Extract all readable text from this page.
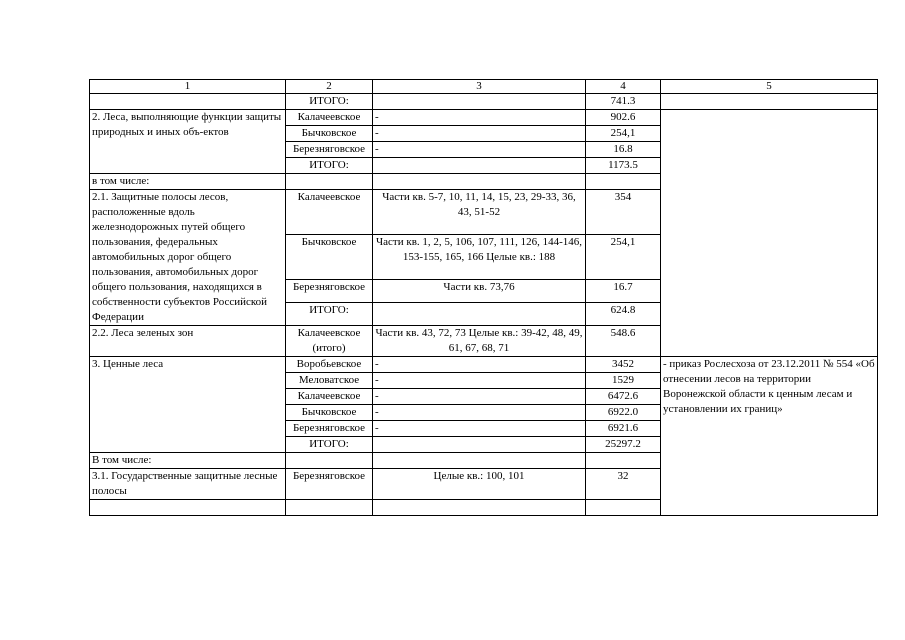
1	2	3	4	5
	ИТОГО:		741.3	
2. Леса, выполняющие функции защиты природных и иных объ-ектов	Калачеевское	-	902.6	
	Бычковское	-	254,1	
	Березняговское	-	16.8	
	ИТОГО:		1173.5	
в том числе:				
2.1. Защитные полосы лесов, расположенные вдоль железнодорожных путей общего пользования, федеральных автомобильных дорог общего пользования, автомобильных дорог общего пользования, находящихся в собственности субъектов Российской Федерации	Калачеевское	Части кв. 5-7, 10, 11, 14, 15, 23, 29-33, 36, 43, 51-52	354	
	Бычковское	Части кв. 1, 2, 5, 106, 107, 111, 126, 144-146, 153-155, 165, 166 Целые кв.: 188	254,1	
	Березняговское	Части кв. 73,76	16.7	
	ИТОГО:		624.8	
2.2. Леса зеленых зон	Калачеевское (итого)	Части кв. 43, 72, 73 Целые кв.: 39-42, 48, 49, 61, 67, 68, 71	548.6	
3. Ценные леса	Воробьевское	-	3452	- приказ Рослесхоза от 23.12.2011 № 554 «Об отнесении лесов на территории Воронежской области к ценным лесам и установлении их границ»
	Меловатское	-	1529	
	Калачеевское	-	6472.6	
	Бычковское	-	6922.0	
	Березняговское	-	6921.6	
	ИТОГО:		25297.2	
В том числе:				
3.1. Государственные защитные лесные полосы	Березняговское	Целые кв.: 100, 101	32	
